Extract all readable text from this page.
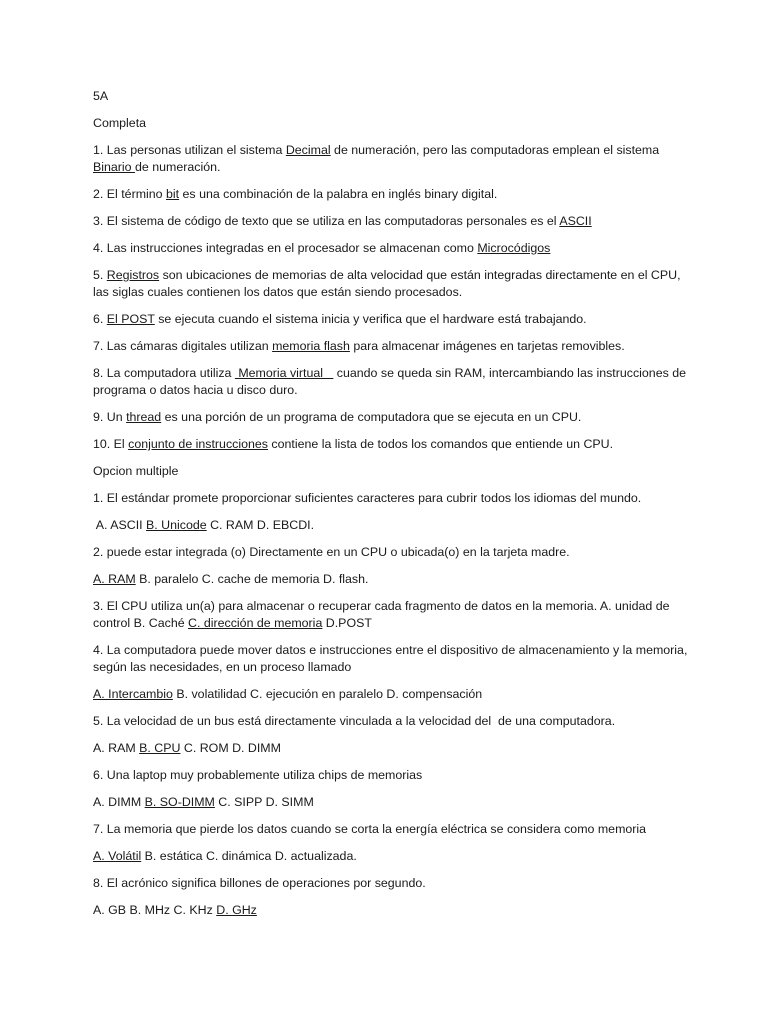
5A

Completa

1. Las personas utilizan el sistema Decimal de numeración, pero las computadoras emplean el sistema Binario de numeración.

2. El término bit es una combinación de la palabra en inglés binary digital.

3. El sistema de código de texto que se utiliza en las computadoras personales es el ASCII

4. Las instrucciones integradas en el procesador se almacenan como Microcódigos

5. Registros son ubicaciones de memorias de alta velocidad que están integradas directamente en el CPU, las siglas cuales contienen los datos que están siendo procesados.

6. El POST se ejecuta cuando el sistema inicia y verifica que el hardware está trabajando.

7. Las cámaras digitales utilizan memoria flash para almacenar imágenes en tarjetas removibles.

8. La computadora utiliza  Memoria virtual    cuando se queda sin RAM, intercambiando las instrucciones de programa o datos hacia u disco duro.

9. Un thread es una porción de un programa de computadora que se ejecuta en un CPU.

10. El conjunto de instrucciones contiene la lista de todos los comandos que entiende un CPU.

Opcion multiple

1. El estándar promete proporcionar suficientes caracteres para cubrir todos los idiomas del mundo.

A. ASCII B. Unicode C. RAM D. EBCDI.

2. puede estar integrada (o) Directamente en un CPU o ubicada(o) en la tarjeta madre.

A. RAM B. paralelo C. cache de memoria D. flash.

3. El CPU utiliza un(a) para almacenar o recuperar cada fragmento de datos en la memoria. A. unidad de control B. Caché C. dirección de memoria D.POST

4. La computadora puede mover datos e instrucciones entre el dispositivo de almacenamiento y la memoria, según las necesidades, en un proceso llamado

A. Intercambio B. volatilidad C. ejecución en paralelo D. compensación

5. La velocidad de un bus está directamente vinculada a la velocidad del  de una computadora.

A. RAM B. CPU C. ROM D. DIMM

6. Una laptop muy probablemente utiliza chips de memorias

A. DIMM B. SO-DIMM C. SIPP D. SIMM

7. La memoria que pierde los datos cuando se corta la energía eléctrica se considera como memoria

A. Volátil B. estática C. dinámica D. actualizada.

8. El acrónico significa billones de operaciones por segundo.

A. GB B. MHz C. KHz D. GHz
